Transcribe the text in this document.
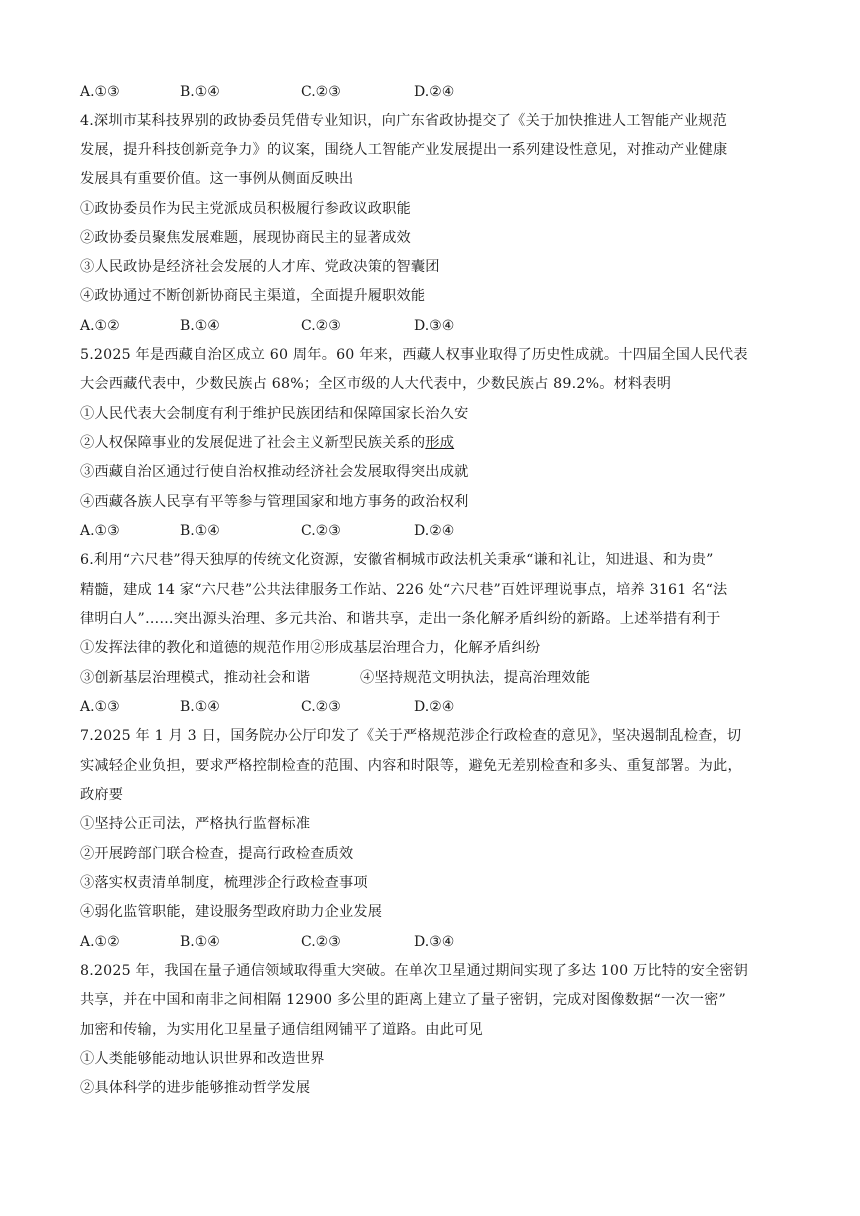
A.①③	B.①④	C.②③	D.②④
4.深圳市某科技界别的政协委员凭借专业知识，向广东省政协提交了《关于加快推进人工智能产业规范
发展，提升科技创新竞争力》的议案，围绕人工智能产业发展提出一系列建设性意见，对推动产业健康
发展具有重要价值。这一事例从侧面反映出
①政协委员作为民主党派成员积极履行参政议政职能
②政协委员聚焦发展难题，展现协商民主的显著成效
③人民政协是经济社会发展的人才库、党政决策的智囊团
④政协通过不断创新协商民主渠道，全面提升履职效能
A.①②	B.①④	C.②③	D.③④
5.2025 年是西藏自治区成立 60 周年。60 年来，西藏人权事业取得了历史性成就。十四届全国人民代表
大会西藏代表中，少数民族占 68%；全区市级的人大代表中，少数民族占 89.2%。材料表明
①人民代表大会制度有利于维护民族团结和保障国家长治久安
②人权保障事业的发展促进了社会主义新型民族关系的形成
③西藏自治区通过行使自治权推动经济社会发展取得突出成就
④西藏各族人民享有平等参与管理国家和地方事务的政治权利
A.①③	B.①④	C.②③	D.②④
6.利用“六尺巷”得天独厚的传统文化资源，安徽省桐城市政法机关秉承“谦和礼让，知进退、和为贵”
精髓，建成 14 家“六尺巷”公共法律服务工作站、226 处“六尺巷”百姓评理说事点，培养 3161 名“法
律明白人”……突出源头治理、多元共治、和谐共享，走出一条化解矛盾纠纷的新路。上述举措有利于
①发挥法律的教化和道德的规范作用②形成基层治理合力，化解矛盾纠纷
③创新基层治理模式，推动社会和谐	④坚持规范文明执法，提高治理效能
A.①③	B.①④	C.②③	D.②④
7.2025 年 1 月 3 日，国务院办公厅印发了《关于严格规范涉企行政检查的意见》，坚决遏制乱检查，切
实减轻企业负担，要求严格控制检查的范围、内容和时限等，避免无差别检查和多头、重复部署。为此，
政府要
①坚持公正司法，严格执行监督标准
②开展跨部门联合检查，提高行政检查质效
③落实权责清单制度，梳理涉企行政检查事项
④弱化监管职能，建设服务型政府助力企业发展
A.①②	B.①④	C.②③	D.③④
8.2025 年，我国在量子通信领域取得重大突破。在单次卫星通过期间实现了多达 100 万比特的安全密钥
共享，并在中国和南非之间相隔 12900 多公里的距离上建立了量子密钥，完成对图像数据“一次一密”
加密和传输，为实用化卫星量子通信组网铺平了道路。由此可见
①人类能够能动地认识世界和改造世界
②具体科学的进步能够推动哲学发展
